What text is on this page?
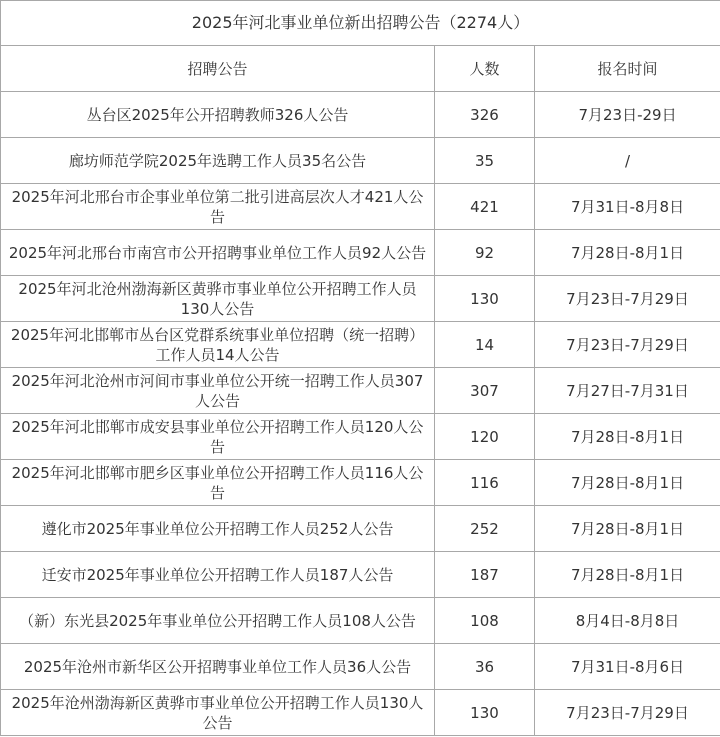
2025年河北事业单位新出招聘公告（2274人）		
招聘公告	人数	报名时间
丛台区2025年公开招聘教师326人公告	326	7月23日-29日
廊坊师范学院2025年选聘工作人员35名公告	35	/
2025年河北邢台市企事业单位第二批引进高层次人才421人公告	421	7月31日-8月8日
2025年河北邢台市南宫市公开招聘事业单位工作人员92人公告	92	7月28日-8月1日
2025年河北沧州渤海新区黄骅市事业单位公开招聘工作人员130人公告	130	7月23日-7月29日
2025年河北邯郸市丛台区党群系统事业单位招聘（统一招聘）工作人员14人公告	14	7月23日-7月29日
2025年河北沧州市河间市事业单位公开统一招聘工作人员307人公告	307	7月27日-7月31日
2025年河北邯郸市成安县事业单位公开招聘工作人员120人公告	120	7月28日-8月1日
2025年河北邯郸市肥乡区事业单位公开招聘工作人员116人公告	116	7月28日-8月1日
遵化市2025年事业单位公开招聘工作人员252人公告	252	7月28日-8月1日
迁安市2025年事业单位公开招聘工作人员187人公告	187	7月28日-8月1日
（新）东光县2025年事业单位公开招聘工作人员108人公告	108	8月4日-8月8日
2025年沧州市新华区公开招聘事业单位工作人员36人公告	36	7月31日-8月6日
2025年沧州渤海新区黄骅市事业单位公开招聘工作人员130人公告	130	7月23日-7月29日
